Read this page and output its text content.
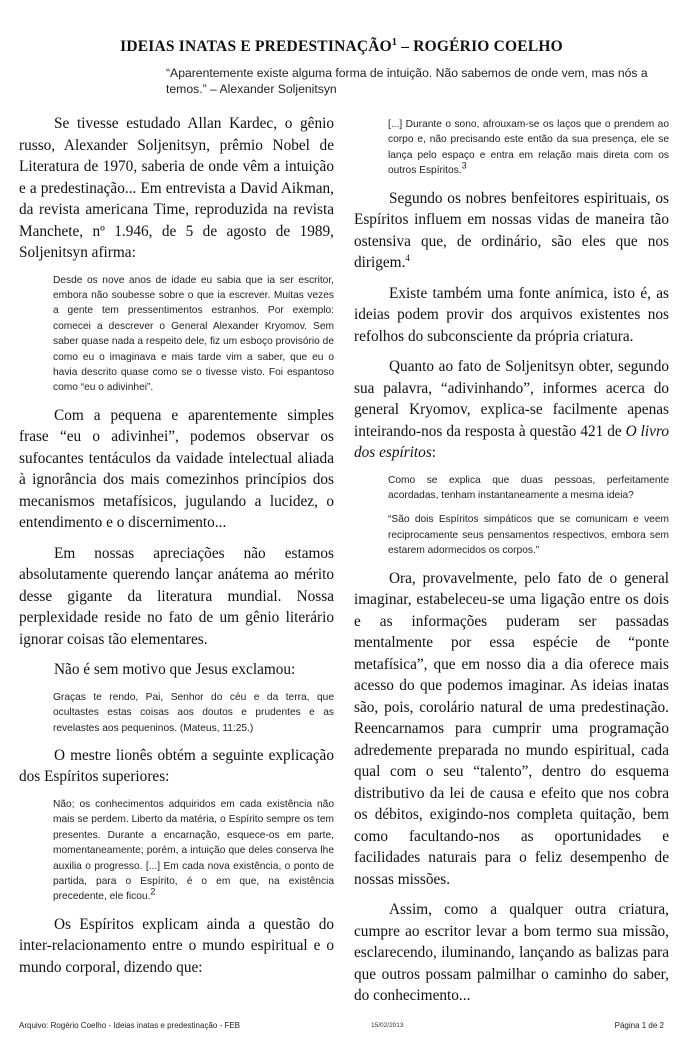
IDEIAS INATAS E PREDESTINAÇÃO$^1$ – ROGÉRIO COELHO
“Aparentemente existe alguma forma de intuição. Não sabemos de onde vem, mas nós a temos.” – Alexander Soljenitsyn

Se tivesse estudado Allan Kardec, o gênio russo, Alexander Soljenitsyn, prêmio Nobel de Literatura de 1970, saberia de onde vêm a intuição e a predestinação... Em entrevista a David Aikman, da revista americana Time, reproduzida na revista Manchete, nº 1.946, de 5 de agosto de 1989, Soljenitsyn afirma:

Desde os nove anos de idade eu sabia que ia ser escritor, embora não soubesse sobre o que ia escrever. Muitas vezes a gente tem pressentimentos estranhos. Por exemplo: comecei a descrever o General Alexander Kryomov. Sem saber quase nada a respeito dele, fiz um esboço provisório de como eu o imaginava e mais tarde vim a saber, que eu o havia descrito quase como se o tivesse visto. Foi espantoso como “eu o adivinhei”.

Com a pequena e aparentemente simples frase “eu o adivinhei”, podemos observar os sufocantes tentáculos da vaidade intelectual aliada à ignorância dos mais comezinhos princípios dos mecanismos metafísicos, jugulando a lucidez, o entendimento e o discernimento...

Em nossas apreciações não estamos absolutamente querendo lançar anátema ao mérito desse gigante da literatura mundial. Nossa perplexidade reside no fato de um gênio literário ignorar coisas tão elementares.

Não é sem motivo que Jesus exclamou:

Graças te rendo, Pai, Senhor do céu e da terra, que ocultastes estas coisas aos doutos e prudentes e as revelastes aos pequeninos. (Mateus, 11:25.)

O mestre lionês obtém a seguinte explicação dos Espíritos superiores:

Não; os conhecimentos adquiridos em cada existência não mais se perdem. Liberto da matéria, o Espírito sempre os tem presentes. Durante a encarnação, esquece-os em parte, momentaneamente; porém, a intuição que deles conserva lhe auxilia o progresso. [...] Em cada nova existência, o ponto de partida, para o Espírito, é o em que, na existência precedente, ele ficou.$^2$

Os Espíritos explicam ainda a questão do inter-relacionamento entre o mundo espiritual e o mundo corporal, dizendo que:

[...] Durante o sono, afrouxam-se os laços que o prendem ao corpo e, não precisando este então da sua presença, ele se lança pelo espaço e entra em relação mais direta com os outros Espíritos.$^3$

Segundo os nobres benfeitores espirituais, os Espíritos influem em nossas vidas de maneira tão ostensiva que, de ordinário, são eles que nos dirigem.$^4$

Existe também uma fonte anímica, isto é, as ideias podem provir dos arquivos existentes nos refolhos do subconsciente da própria criatura.

Quanto ao fato de Soljenitsyn obter, segundo sua palavra, “adivinhando”, informes acerca do general Kryomov, explica-se facilmente apenas inteirando-nos da resposta à questão 421 de O livro dos espíritos:

Como se explica que duas pessoas, perfeitamente acordadas, tenham instantaneamente a mesma ideia?

“São dois Espíritos simpáticos que se comunicam e veem reciprocamente seus pensamentos respectivos, embora sem estarem adormecidos os corpos.”

Ora, provavelmente, pelo fato de o general imaginar, estabeleceu-se uma ligação entre os dois e as informações puderam ser passadas mentalmente por essa espécie de “ponte metafísica”, que em nosso dia a dia oferece mais acesso do que podemos imaginar. As ideias inatas são, pois, corolário natural de uma predestinação. Reencarnamos para cumprir uma programação adredemente preparada no mundo espiritual, cada qual com o seu “talento”, dentro do esquema distributivo da lei de causa e efeito que nos cobra os débitos, exigindo-nos completa quitação, bem como facultando-nos as oportunidades e facilidades naturais para o feliz desempenho de nossas missões.

Assim, como a qualquer outra criatura, cumpre ao escritor levar a bom termo sua missão, esclarecendo, iluminando, lançando as balizas para que outros possam palmilhar o caminho do saber, do conhecimento...

Arquivo: Rogério Coelho - Ideias inatas e predestinação - FEB	15/02/2013	Página 1 de 2
